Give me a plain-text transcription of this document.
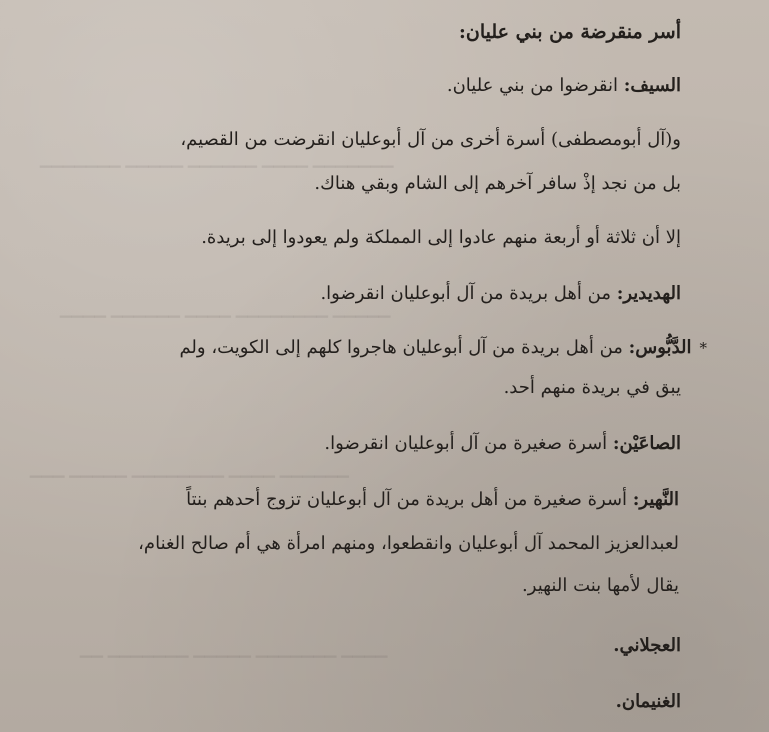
▁▁▁▁▁▁▁ ▁▁▁▁ ▁▁▁▁▁▁ ▁▁▁▁▁ ▁▁▁▁▁▁▁
▁▁▁▁▁ ▁▁▁▁▁▁▁▁ ▁▁▁▁ ▁▁▁▁▁▁ ▁▁▁▁
▁▁▁▁▁▁ ▁▁▁▁ ▁▁▁▁▁▁▁▁ ▁▁▁▁▁ ▁▁▁
▁▁▁▁ ▁▁▁▁▁▁▁ ▁▁▁▁▁ ▁▁▁▁▁▁▁ ▁▁
أسر منقرضة من بني عليان:
السيف: انقرضوا من بني عليان.
و(آل أبومصطفى) أسرة أخرى من آل أبوعليان انقرضت من القصيم،
بل من نجد إذْ سافر آخرهم إلى الشام وبقي هناك.
إلا أن ثلاثة أو أربعة منهم عادوا إلى المملكة ولم يعودوا إلى بريدة.
الهديدير: من أهل بريدة من آل أبوعليان انقرضوا.
*الدَّبُّوس: من أهل بريدة من آل أبوعليان هاجروا كلهم إلى الكويت، ولم
يبق في بريدة منهم أحد.
الصاعَيْن: أسرة صغيرة من آل أبوعليان انقرضوا.
النَّهير: أسرة صغيرة من أهل بريدة من آل أبوعليان تزوج أحدهم بنتاً
لعبدالعزيز المحمد آل أبوعليان وانقطعوا، ومنهم امرأة هي أم صالح الغنام،
يقال لأمها بنت النهير.
العجلاني.
الغنيمان.
